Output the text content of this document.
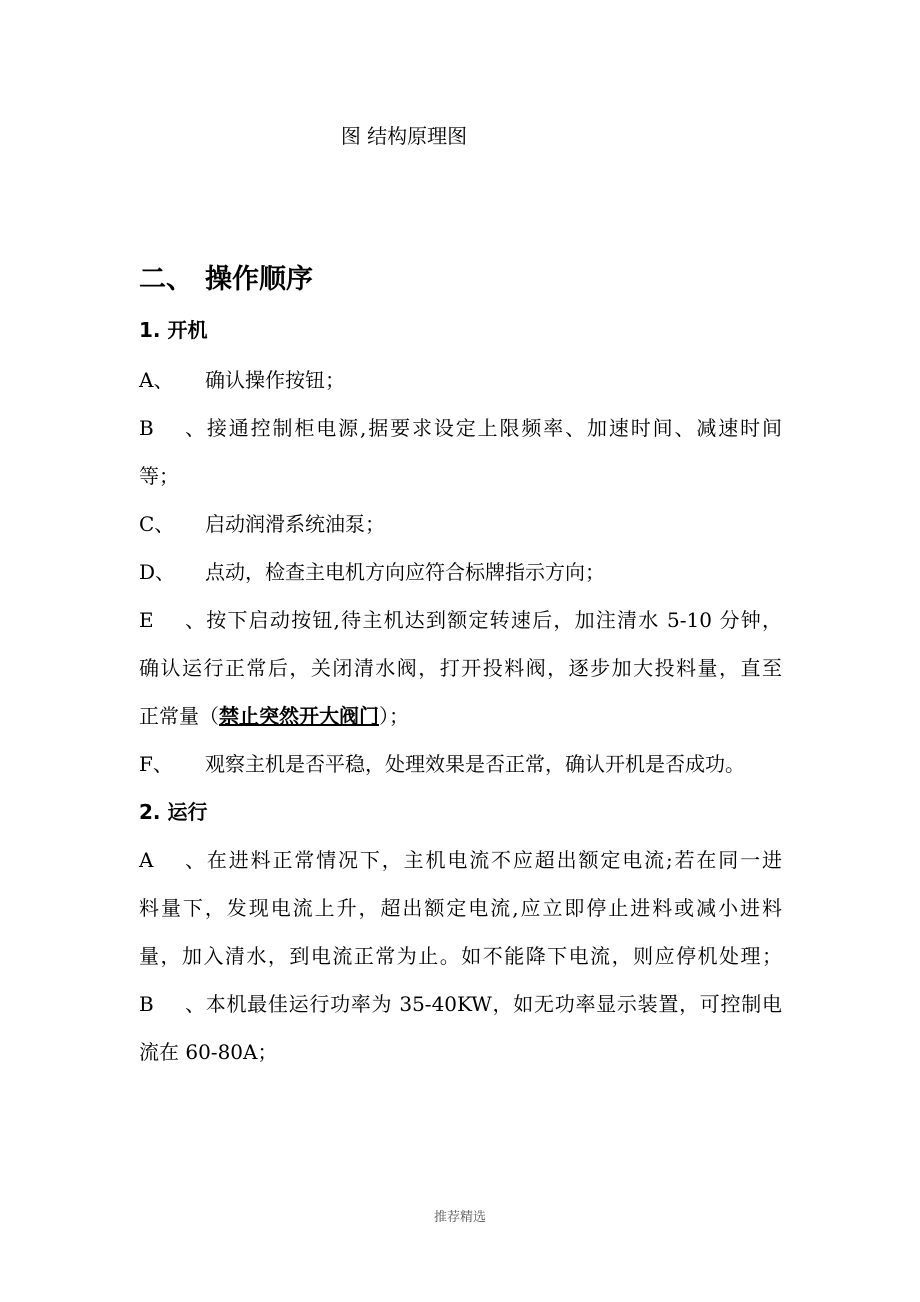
图 结构原理图
二、 操作顺序
1. 开机
A、 确认操作按钮；
B、接通控制柜电源,据要求设定上限频率、加速时间、减速时间
等；
C、 启动润滑系统油泵；
D、 点动，检查主电机方向应符合标牌指示方向；
E、按下启动按钮,待主机达到额定转速后，加注清水 5-10 分钟，
确认运行正常后，关闭清水阀，打开投料阀，逐步加大投料量，直至
正常量（禁止突然开大阀门）；
F、 观察主机是否平稳，处理效果是否正常，确认开机是否成功。
2. 运行
A、在进料正常情况下，主机电流不应超出额定电流;若在同一进
料量下，发现电流上升，超出额定电流,应立即停止进料或减小进料
量，加入清水，到电流正常为止。如不能降下电流，则应停机处理；
B、本机最佳运行功率为 35-40KW，如无功率显示装置，可控制电
流在 60-80A；
推荐精选
